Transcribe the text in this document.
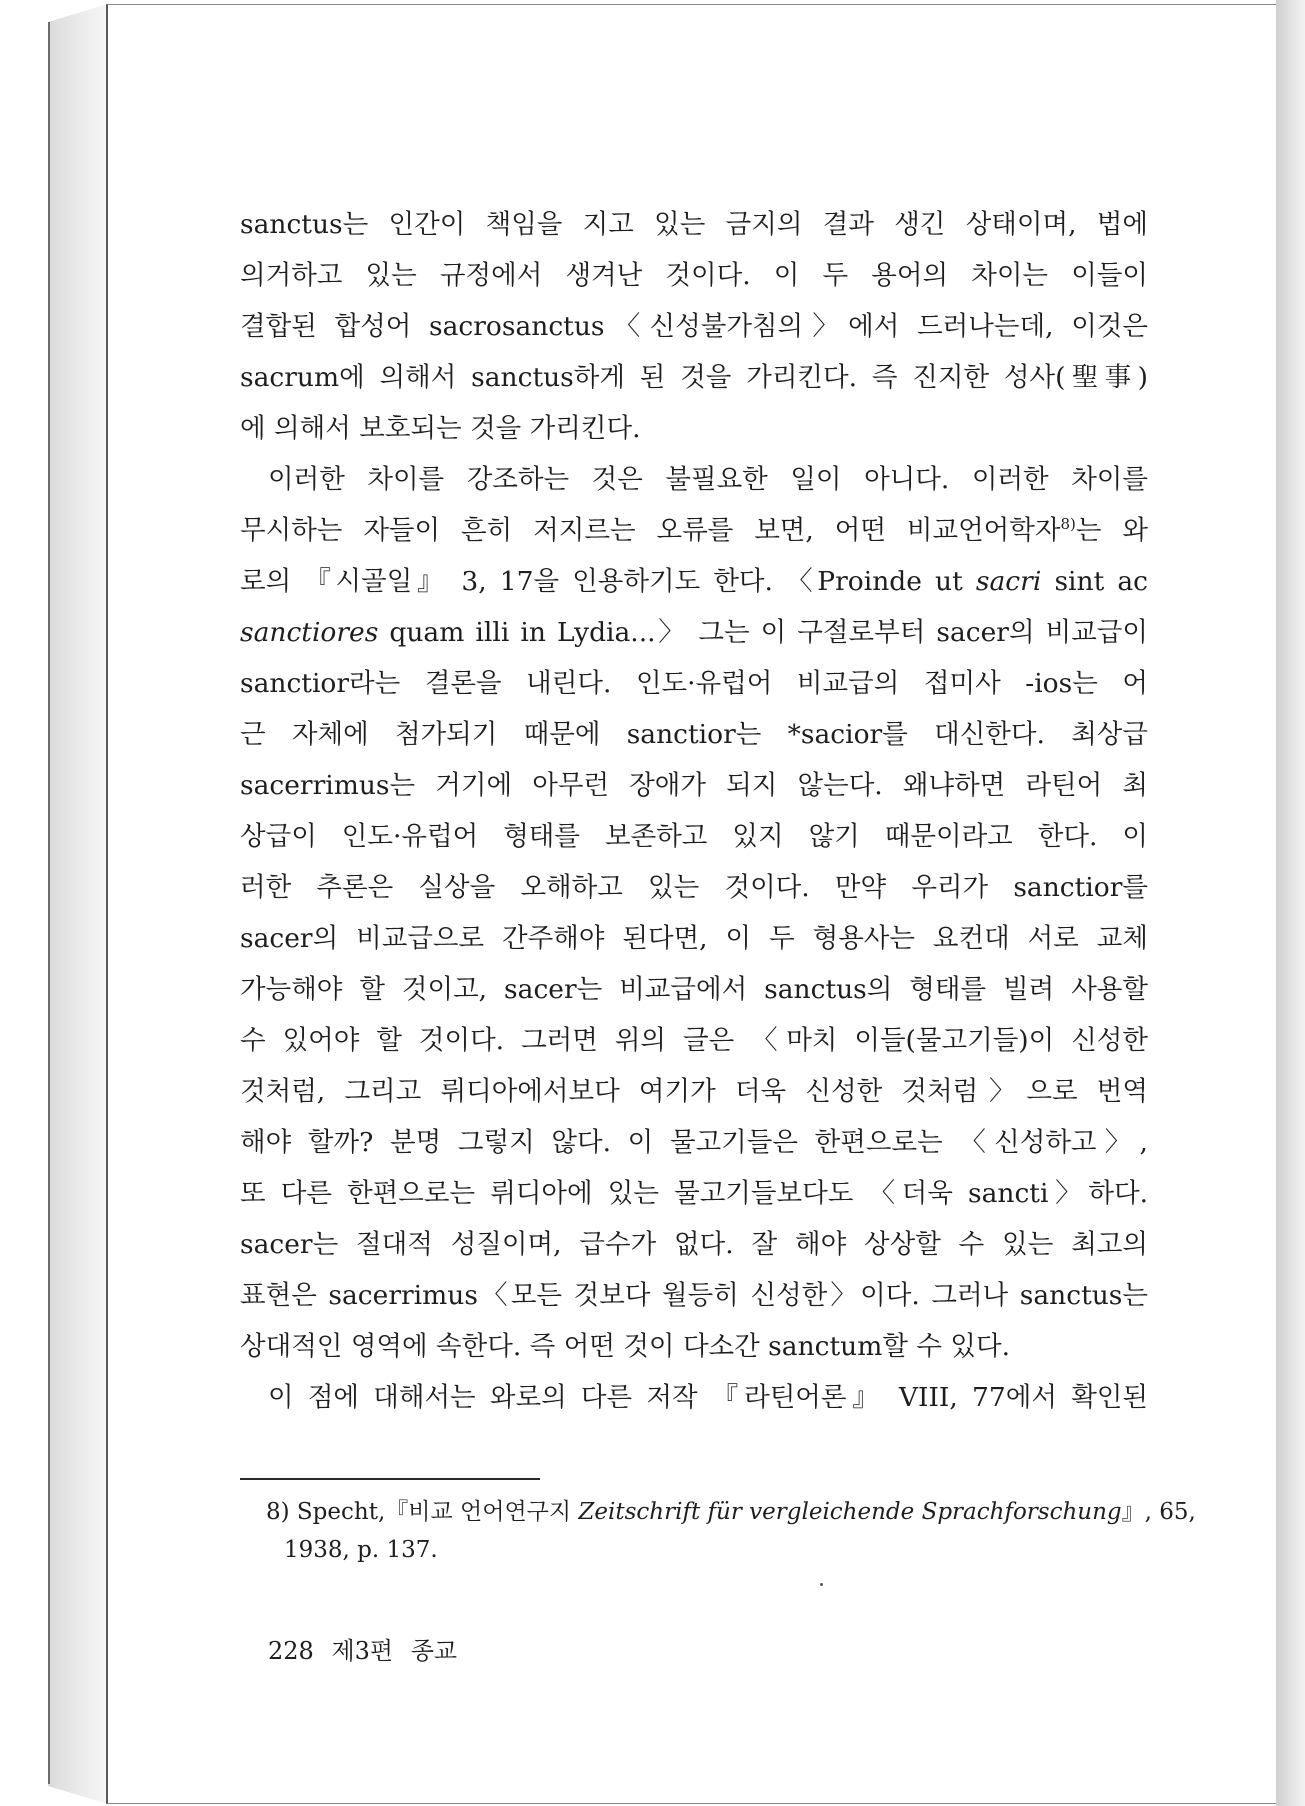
sanctus는 인간이 책임을 지고 있는 금지의 결과 생긴 상태이며, 법에
의거하고 있는 규정에서 생겨난 것이다. 이 두 용어의 차이는 이들이
결합된 합성어 sacrosanctus〈신성불가침의〉에서 드러나는데, 이것은
sacrum에 의해서 sanctus하게 된 것을 가리킨다. 즉 진지한 성사(聖事)
에 의해서 보호되는 것을 가리킨다.
이러한 차이를 강조하는 것은 불필요한 일이 아니다. 이러한 차이를
무시하는 자들이 흔히 저지르는 오류를 보면, 어떤 비교언어학자$^{8)}$는 와
로의 『시골일』 3, 17을 인용하기도 한다. 〈Proinde ut sacri sint ac
sanctiores quam illi in Lydia...〉 그는 이 구절로부터 sacer의 비교급이
sanctior라는 결론을 내린다. 인도·유럽어 비교급의 접미사 -ios는 어
근 자체에 첨가되기 때문에 sanctior는 *sacior를 대신한다. 최상급
sacerrimus는 거기에 아무런 장애가 되지 않는다. 왜냐하면 라틴어 최
상급이 인도·유럽어 형태를 보존하고 있지 않기 때문이라고 한다. 이
러한 추론은 실상을 오해하고 있는 것이다. 만약 우리가 sanctior를
sacer의 비교급으로 간주해야 된다면, 이 두 형용사는 요컨대 서로 교체
가능해야 할 것이고, sacer는 비교급에서 sanctus의 형태를 빌려 사용할
수 있어야 할 것이다. 그러면 위의 글은 〈마치 이들(물고기들)이 신성한
것처럼, 그리고 뤼디아에서보다 여기가 더욱 신성한 것처럼〉으로 번역
해야 할까? 분명 그렇지 않다. 이 물고기들은 한편으로는 〈신성하고〉,
또 다른 한편으로는 뤼디아에 있는 물고기들보다도 〈더욱 sancti〉하다.
sacer는 절대적 성질이며, 급수가 없다. 잘 해야 상상할 수 있는 최고의
표현은 sacerrimus〈모든 것보다 월등히 신성한〉이다. 그러나 sanctus는
상대적인 영역에 속한다. 즉 어떤 것이 다소간 sanctum할 수 있다.
이 점에 대해서는 와로의 다른 저작 『라틴어론』 VIII, 77에서 확인된
8) Specht,『비교 언어연구지 Zeitschrift für vergleichende Sprachforschung』, 65,
1938, p. 137.
228 제3편 종교
